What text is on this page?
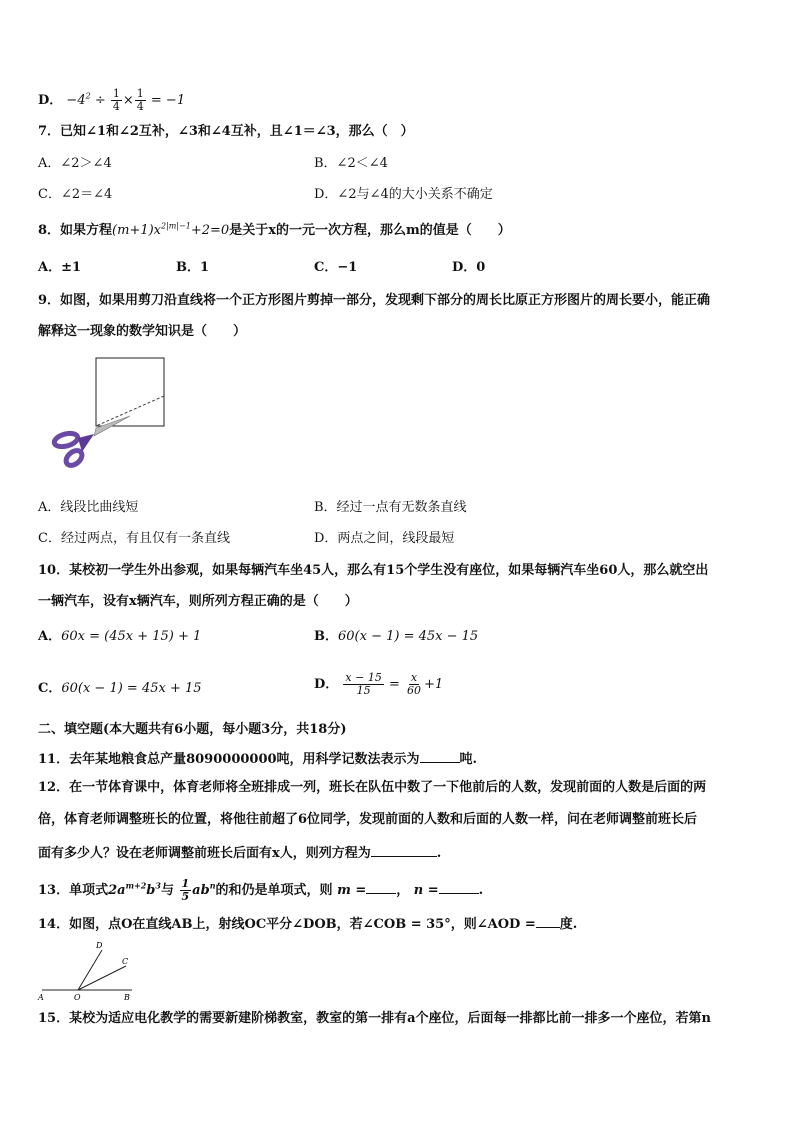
D． $-4^2 \div \frac{1}{4} \times \frac{1}{4} = -1$
7．已知∠1和∠2互补，∠3和∠4互补，且∠1＝∠3，那么（　）
A．∠2＞∠4	B．∠2＜∠4
C．∠2＝∠4	D．∠2与∠4的大小关系不确定
8．如果方程$(m+1)x^{2|m|-1}+2=0$是关于x的一元一次方程，那么m的值是（　　）
A．±1	B．1	C．−1	D．0
9．如图，如果用剪刀沿直线将一个正方形图片剪掉一部分，发现剩下部分的周长比原正方形图片的周长要小，能正确
解释这一现象的数学知识是（　　）
A．线段比曲线短	B．经过一点有无数条直线
C．经过两点，有且仅有一条直线	D．两点之间，线段最短
10．某校初一学生外出参观，如果每辆汽车坐45人，那么有15个学生没有座位，如果每辆汽车坐60人，那么就空出
一辆汽车，设有x辆汽车，则所列方程正确的是（　　）
A．60x = (45x + 15) + 1	B．60(x − 1) = 45x − 15
C．60(x − 1) = 45x + 15	D． $\frac{x - 15}{15} = \frac{x}{60} +1$
二、填空题(本大题共有6小题，每小题3分，共18分)
11．去年某地粮食总产量8090000000吨，用科学记数法表示为	吨.
12．在一节体育课中，体育老师将全班排成一列，班长在队伍中数了一下他前后的人数，发现前面的人数是后面的两
倍，体育老师调整班长的位置，将他往前超了6位同学，发现前面的人数和后面的人数一样，问在老师调整前班长后
面有多少人？设在老师调整前班长后面有x人，则列方程为	.
13．单项式$2a^{m+2}b^3$与 $\frac{1}{5} ab^n$的和仍是单项式，则 m = ， n =	.
14．如图，点O在直线AB上，射线OC平分∠DOB，若∠COB = 35°，则∠AOD = 度.
A	O	B
C
D
15．某校为适应电化教学的需要新建阶梯教室，教室的第一排有a个座位，后面每一排都比前一排多一个座位，若第n
